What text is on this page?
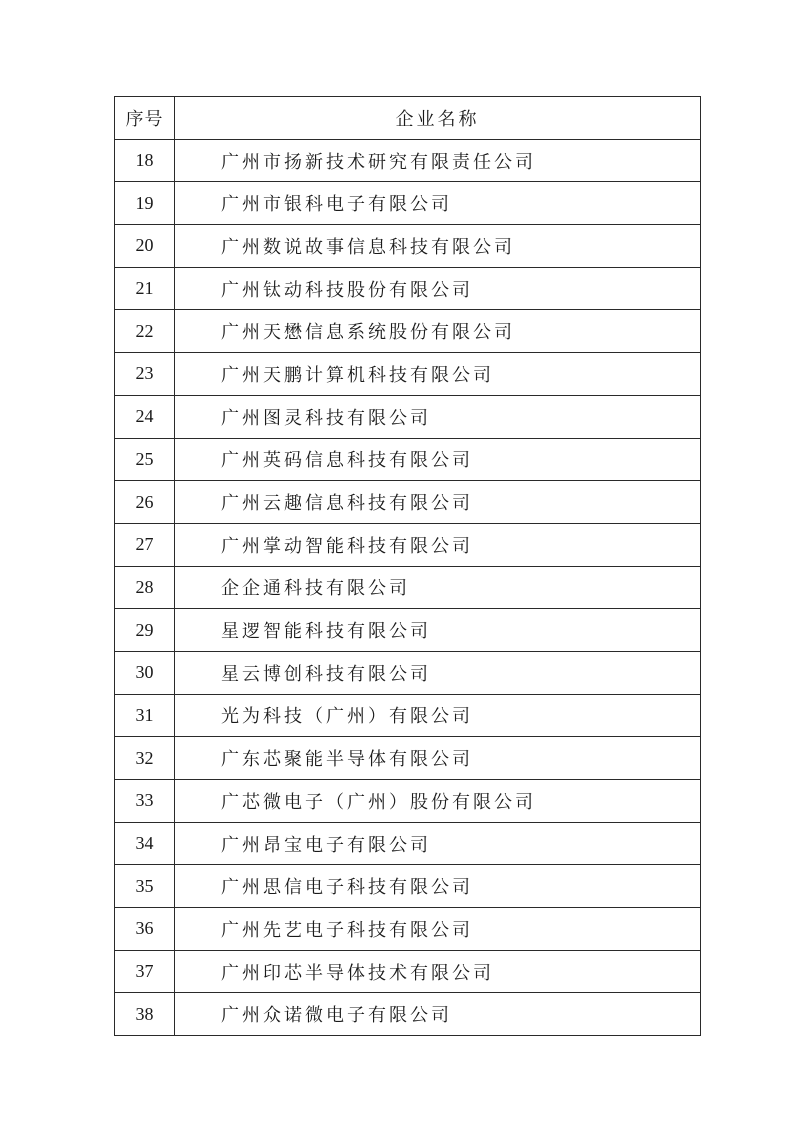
序号	企业名称
18	广州市扬新技术研究有限责任公司
19	广州市银科电子有限公司
20	广州数说故事信息科技有限公司
21	广州钛动科技股份有限公司
22	广州天懋信息系统股份有限公司
23	广州天鹏计算机科技有限公司
24	广州图灵科技有限公司
25	广州英码信息科技有限公司
26	广州云趣信息科技有限公司
27	广州掌动智能科技有限公司
28	企企通科技有限公司
29	星逻智能科技有限公司
30	星云博创科技有限公司
31	光为科技（广州）有限公司
32	广东芯聚能半导体有限公司
33	广芯微电子（广州）股份有限公司
34	广州昂宝电子有限公司
35	广州思信电子科技有限公司
36	广州先艺电子科技有限公司
37	广州印芯半导体技术有限公司
38	广州众诺微电子有限公司
